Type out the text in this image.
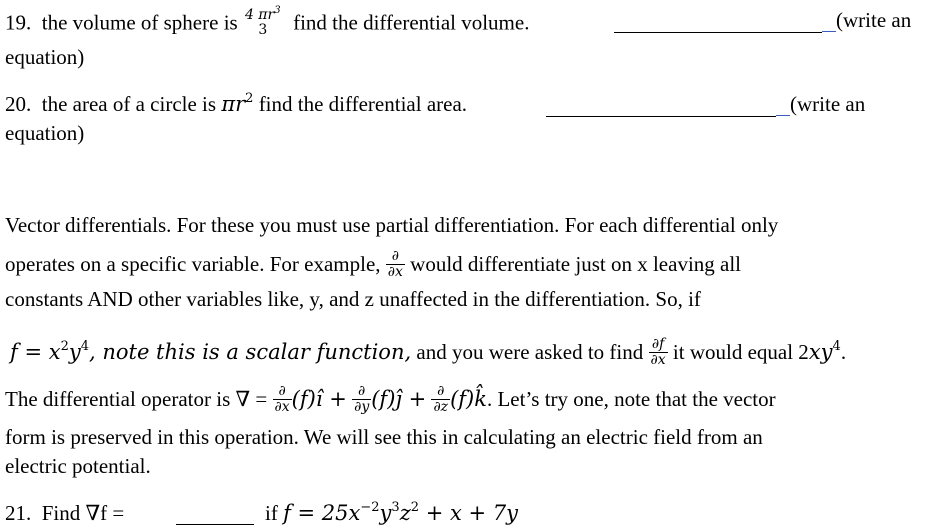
19. the volume of sphere is 4 $\pi r^3$
3	find the differential volume.	(write an
equation)
20. the area of a circle is $\pi r^2$ find the differential area.	(write an
equation)
Vector differentials. For these you must use partial differentiation. For each differential only
operates on a specific variable. For example, $\frac{\partial}{\partial x}$ would differentiate just on x leaving all
constants AND other variables like, y, and z unaffected in the differentiation. So, if
$f = x^2y^4$, note this is a scalar function, and you were asked to find $\frac{\partial f}{\partial x}$ it would equal $2xy^4$.
The differential operator is ∇ = $\frac{\partial}{\partial x}$ (f)î + $\frac{\partial}{\partial y}$ (f)ĵ + $\frac{\partial}{\partial z}$ (f)k̂. Let’s try one, note that the vector
form is preserved in this operation. We will see this in calculating an electric field from an
electric potential.
21. Find ∇f =	if $f = 25x^{-2}y^3z^2 + x + 7y$
